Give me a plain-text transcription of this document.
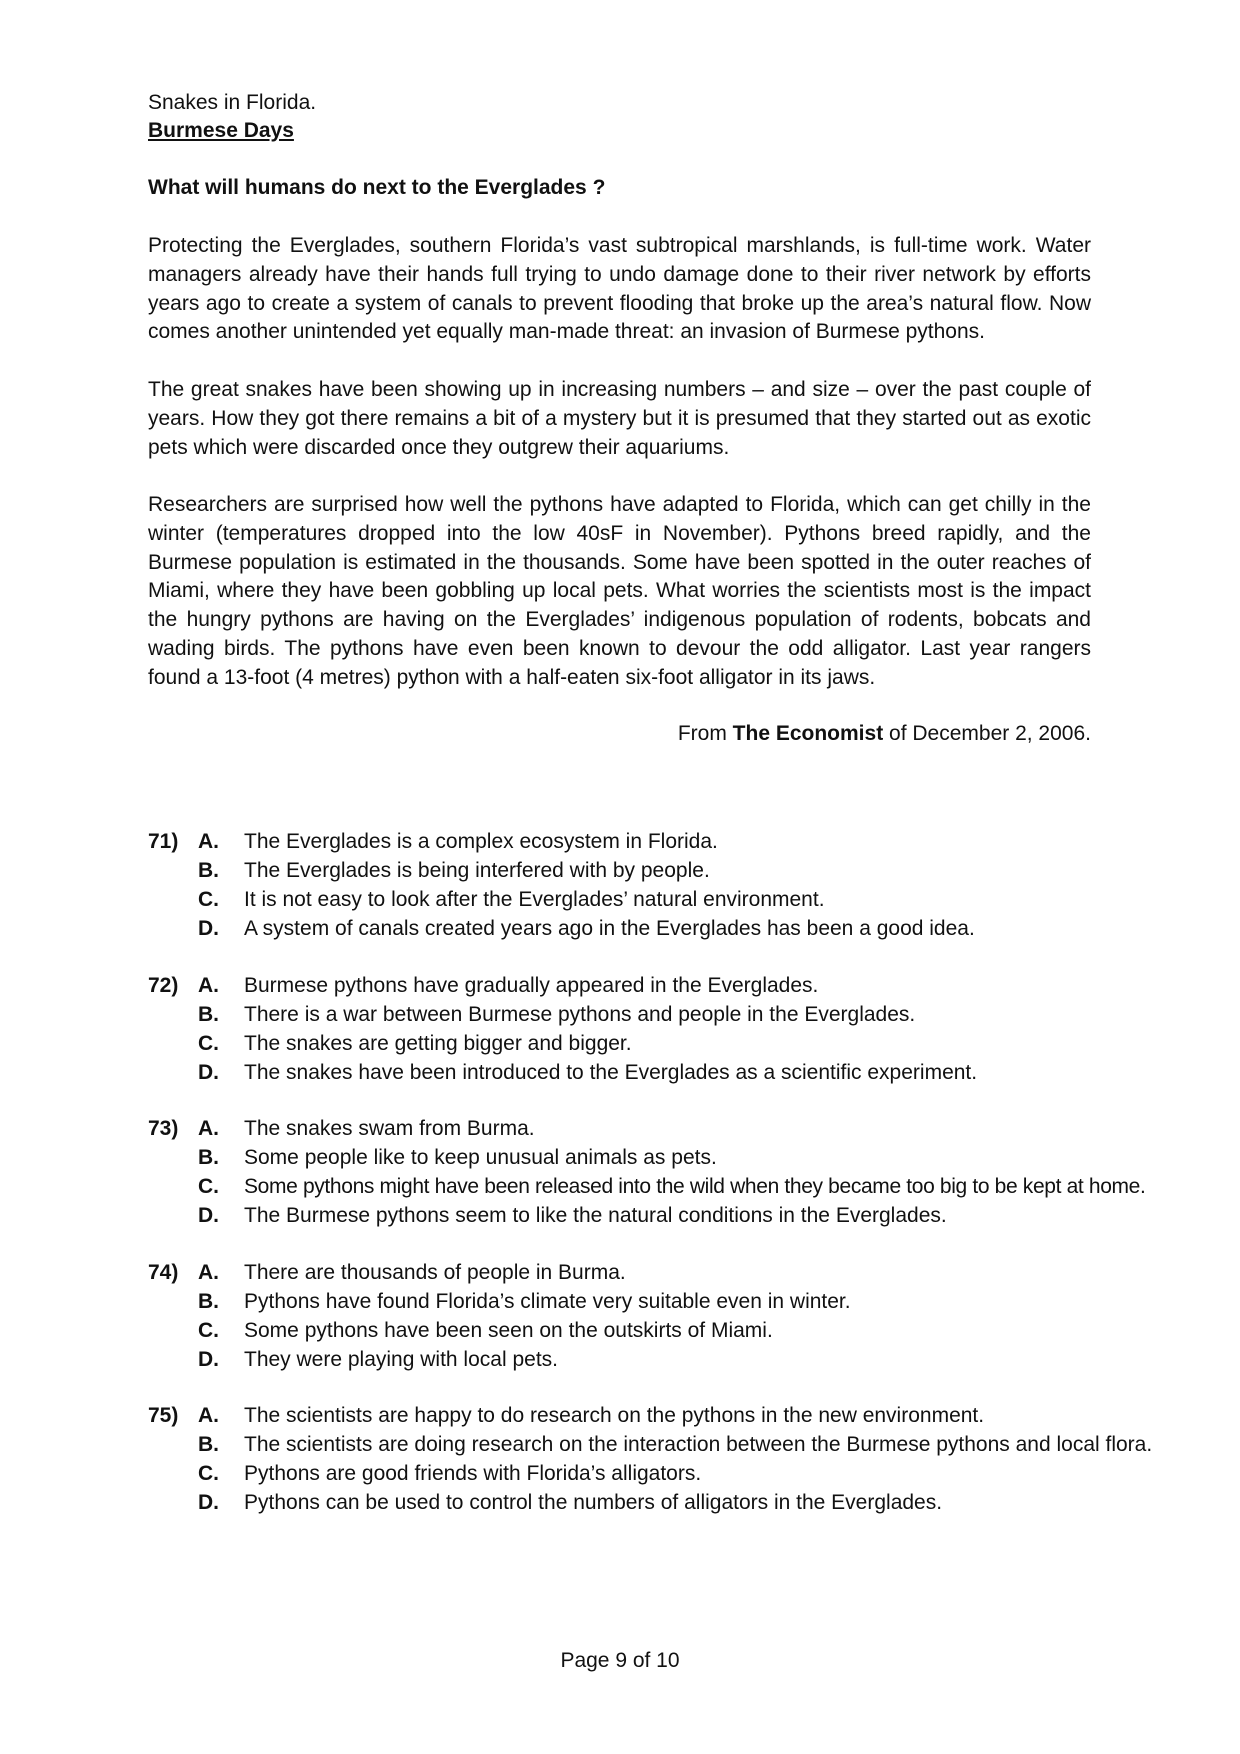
Snakes in Florida.
Burmese Days
What will humans do next to the Everglades ?

Protecting the Everglades, southern Florida’s vast subtropical marshlands, is full-time work. Water managers already have their hands full trying to undo damage done to their river network by efforts years ago to create a system of canals to prevent flooding that broke up the area’s natural flow. Now comes another unintended yet equally man-made threat: an invasion of Burmese pythons.

The great snakes have been showing up in increasing numbers – and size – over the past couple of years. How they got there remains a bit of a mystery but it is presumed that they started out as exotic pets which were discarded once they outgrew their aquariums.

Researchers are surprised how well the pythons have adapted to Florida, which can get chilly in the winter (temperatures dropped into the low 40sF in November). Pythons breed rapidly, and the Burmese population is estimated in the thousands. Some have been spotted in the outer reaches of Miami, where they have been gobbling up local pets. What worries the scientists most is the impact the hungry pythons are having on the Everglades’ indigenous population of rodents, bobcats and wading birds. The pythons have even been known to devour the odd alligator. Last year rangers found a 13-foot (4 metres) python with a half-eaten six-foot alligator in its jaws.

From The Economist of December 2, 2006.
71) A.	The Everglades is a complex ecosystem in Florida.
B.	The Everglades is being interfered with by people.
C.	It is not easy to look after the Everglades’ natural environment.
D.	A system of canals created years ago in the Everglades has been a good idea.
72) A.	Burmese pythons have gradually appeared in the Everglades.
B.	There is a war between Burmese pythons and people in the Everglades.
C.	The snakes are getting bigger and bigger.
D.	The snakes have been introduced to the Everglades as a scientific experiment.
73) A.	The snakes swam from Burma.
B.	Some people like to keep unusual animals as pets.
C.	Some pythons might have been released into the wild when they became too big to be kept at home.
D.	The Burmese pythons seem to like the natural conditions in the Everglades.
74) A.	There are thousands of people in Burma.
B.	Pythons have found Florida’s climate very suitable even in winter.
C.	Some pythons have been seen on the outskirts of Miami.
D.	They were playing with local pets.
75) A.	The scientists are happy to do research on the pythons in the new environment.
B.	The scientists are doing research on the interaction between the Burmese pythons and local flora.
C.	Pythons are good friends with Florida’s alligators.
D.	Pythons can be used to control the numbers of alligators in the Everglades.
Page 9 of 10
